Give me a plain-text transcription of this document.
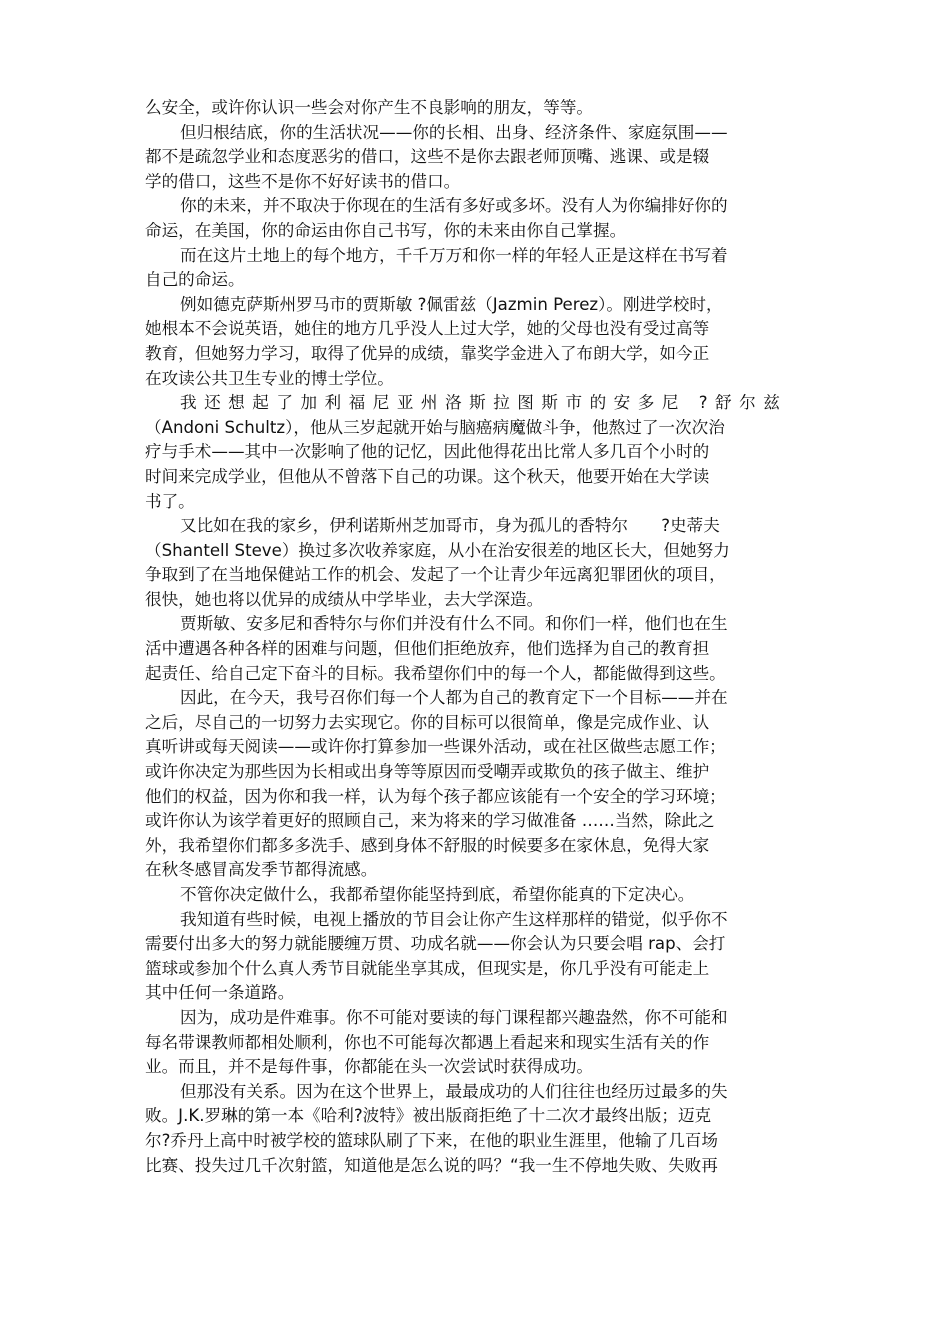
么安全，或许你认识一些会对你产生不良影响的朋友，等等。

但归根结底，你的生活状况——你的长相、出身、经济条件、家庭氛围——
都不是疏忽学业和态度恶劣的借口，这些不是你去跟老师顶嘴、逃课、或是辍
学的借口，这些不是你不好好读书的借口。

你的未来，并不取决于你现在的生活有多好或多坏。没有人为你编排好你的
命运，在美国，你的命运由你自己书写，你的未来由你自己掌握。

而在这片土地上的每个地方，千千万万和你一样的年轻人正是这样在书写着
自己的命运。

例如德克萨斯州罗马市的贾斯敏 ?佩雷兹（Jazmin Perez）。刚进学校时，
她根本不会说英语，她住的地方几乎没人上过大学，她的父母也没有受过高等
教育，但她努力学习，取得了优异的成绩，靠奖学金进入了布朗大学，如今正
在攻读公共卫生专业的博士学位。

我还想起了加利福尼亚州洛斯拉图斯市的安多尼 ?舒尔兹
（Andoni Schultz），他从三岁起就开始与脑癌病魔做斗争，他熬过了一次次治
疗与手术——其中一次影响了他的记忆，因此他得花出比常人多几百个小时的
时间来完成学业，但他从不曾落下自己的功课。这个秋天，他要开始在大学读
书了。

又比如在我的家乡，伊利诺斯州芝加哥市，身为孤儿的香特尔　　?史蒂夫
（Shantell Steve）换过多次收养家庭，从小在治安很差的地区长大，但她努力
争取到了在当地保健站工作的机会、发起了一个让青少年远离犯罪团伙的项目，
很快，她也将以优异的成绩从中学毕业，去大学深造。

贾斯敏、安多尼和香特尔与你们并没有什么不同。和你们一样，他们也在生
活中遭遇各种各样的困难与问题，但他们拒绝放弃，他们选择为自己的教育担
起责任、给自己定下奋斗的目标。我希望你们中的每一个人，都能做得到这些。

因此，在今天，我号召你们每一个人都为自己的教育定下一个目标——并在
之后，尽自己的一切努力去实现它。你的目标可以很简单，像是完成作业、认
真听讲或每天阅读——或许你打算参加一些课外活动，或在社区做些志愿工作；
或许你决定为那些因为长相或出身等等原因而受嘲弄或欺负的孩子做主、维护
他们的权益，因为你和我一样，认为每个孩子都应该能有一个安全的学习环境；
或许你认为该学着更好的照顾自己，来为将来的学习做准备 ……当然，除此之
外，我希望你们都多多洗手、感到身体不舒服的时候要多在家休息，免得大家
在秋冬感冒高发季节都得流感。

不管你决定做什么，我都希望你能坚持到底，希望你能真的下定决心。

我知道有些时候，电视上播放的节目会让你产生这样那样的错觉，似乎你不
需要付出多大的努力就能腰缠万贯、功成名就——你会认为只要会唱 rap、会打
篮球或参加个什么真人秀节目就能坐享其成，但现实是，你几乎没有可能走上
其中任何一条道路。

因为，成功是件难事。你不可能对要读的每门课程都兴趣盎然，你不可能和
每名带课教师都相处顺利，你也不可能每次都遇上看起来和现实生活有关的作
业。而且，并不是每件事，你都能在头一次尝试时获得成功。

但那没有关系。因为在这个世界上，最最成功的人们往往也经历过最多的失
败。J.K.罗琳的第一本《哈利?波特》被出版商拒绝了十二次才最终出版；迈克
尔?乔丹上高中时被学校的篮球队刷了下来，在他的职业生涯里，他输了几百场
比赛、投失过几千次射篮，知道他是怎么说的吗？“我一生不停地失败、失败再
